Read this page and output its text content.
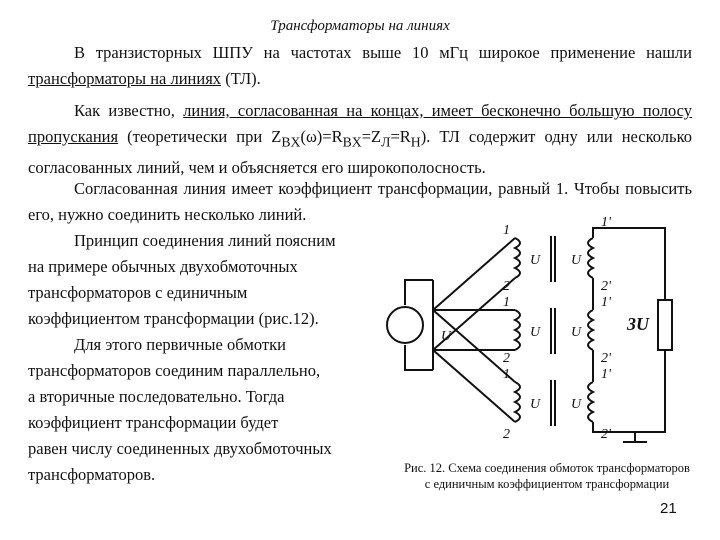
Трансформаторы на линиях
В транзисторных ШПУ на частотах выше 10 мГц широкое применение нашли трансформаторы на линиях (ТЛ).
Как известно, линия, согласованная на концах, имеет бесконечно большую полосу пропускания (теоретически при $Z_{BX}(\omega)=R_{BX}=Z_Л=R_Н$). ТЛ содержит одну или несколько согласованных линий, чем и объясняется его широкополосность.
Согласованная линия имеет коэффициент трансформации, равный 1. Чтобы повысить его, нужно соединить несколько линий.
Принцип соединения линий поясним
на примере обычных двухобмоточных
трансформаторов с единичным
коэффициентом трансформации (рис.12).
Для этого первичные обмотки
трансформаторов соединим параллельно,
а вторичные последовательно. Тогда
коэффициент трансформации будет
равен числу соединенных двухобмоточных
трансформаторов.
1
1'
2	2'
1	1'
2	2'
1	1'
2	2'
U U
U U
U U
U
3U
Рис. 12. Схема соединения обмоток трансформаторов
с единичным коэффициентом трансформации
21
